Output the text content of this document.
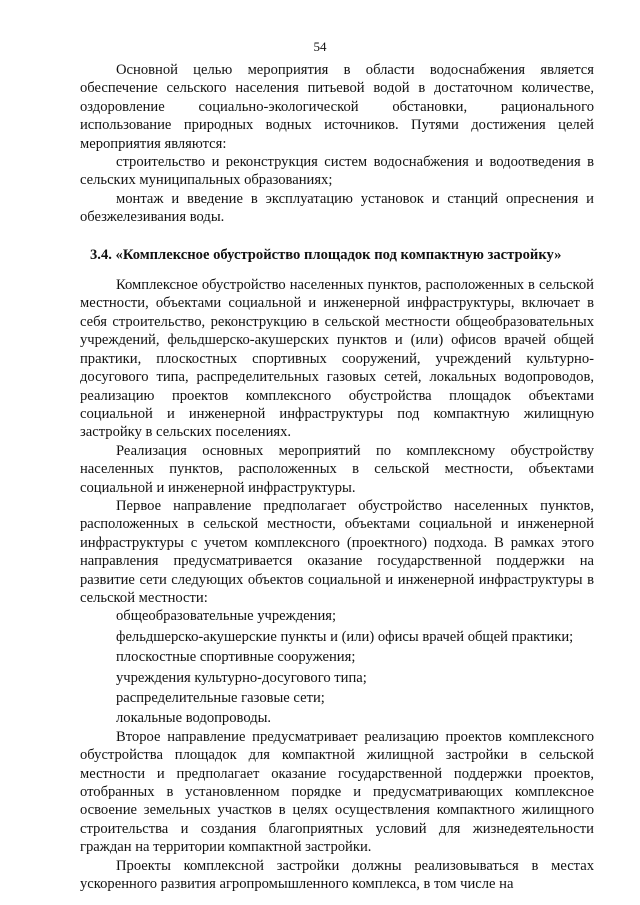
54

Основной целью мероприятия в области водоснабжения является обеспечение сельского населения питьевой водой в достаточном количестве, оздоровление социально-экологической обстановки, рационального использование природных водных источников. Путями достижения целей мероприятия являются:

строительство и реконструкция систем водоснабжения и водоотведения в сельских муниципальных образованиях;

монтаж и введение в эксплуатацию установок и станций опреснения и обезжелезивания воды.

3.4. «Комплексное обустройство площадок под компактную застройку»

Комплексное обустройство населенных пунктов, расположенных в сельской местности, объектами социальной и инженерной инфраструктуры, включает в себя строительство, реконструкцию в сельской местности общеобразовательных учреждений, фельдшерско-акушерских пунктов и (или) офисов врачей общей практики, плоскостных спортивных сооружений, учреждений культурно-досугового типа, распределительных газовых сетей, локальных водопроводов, реализацию проектов комплексного обустройства площадок объектами социальной и инженерной инфраструктуры под компактную жилищную застройку в сельских поселениях.

Реализация основных мероприятий по комплексному обустройству населенных пунктов, расположенных в сельской местности, объектами социальной и инженерной инфраструктуры.

Первое направление предполагает обустройство населенных пунктов, расположенных в сельской местности, объектами социальной и инженерной инфраструктуры с учетом комплексного (проектного) подхода. В рамках этого направления предусматривается оказание государственной поддержки на развитие сети следующих объектов социальной и инженерной инфраструктуры в сельской местности:

общеобразовательные учреждения;

фельдшерско-акушерские пункты и (или) офисы врачей общей практики;

плоскостные спортивные сооружения;

учреждения культурно-досугового типа;

распределительные газовые сети;

локальные водопроводы.

Второе направление предусматривает реализацию проектов комплексного обустройства площадок для компактной жилищной застройки в сельской местности и предполагает оказание государственной поддержки проектов, отобранных в установленном порядке и предусматривающих комплексное освоение земельных участков в целях осуществления компактного жилищного строительства и создания благоприятных условий для жизнедеятельности граждан на территории компактной застройки.

Проекты комплексной застройки должны реализовываться в местах ускоренного развития агропромышленного комплекса, в том числе на
